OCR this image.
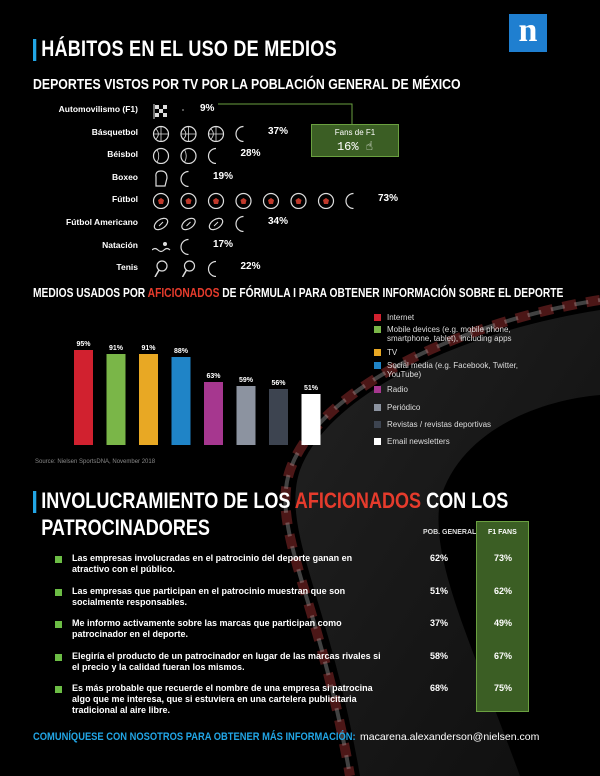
n
HÁBITOS EN EL USO DE MEDIOS
DEPORTES VISTOS POR TV POR LA POBLACIÓN GENERAL DE MÉXICO
Automovilismo (F1)	9%
Básquetbol	37%
Béisbol	28%
Boxeo	19%
Fútbol	73%
Fútbol Americano	34%
Natación	17%
Tenis	22%
Fans de F1
16% ☝
MEDIOS USADOS POR AFICIONADOS DE FÓRMULA I PARA OBTENER INFORMACIÓN SOBRE EL DEPORTE
95%
91%	91%	88%
63%
59%	56%
51%
Internet
Mobile devices (e.g. mobile phone, smartphone, tablet), including apps
TV
Social media (e.g. Facebook, Twitter, YouTube)
Radio
Periódico
Revistas / revistas deportivas
Email newsletters
Source: Nielsen SportsDNA, November 2018
INVOLUCRAMIENTO DE LOS AFICIONADOS CON LOS
PATROCINADORES	POB. GENERAL F1 FANS
Las empresas involucradas en el patrocinio del deporte ganan en atractivo con el público.
62%	73%
Las empresas que participan en el patrocinio muestran que son socialmente responsables.
51%	62%
Me informo activamente sobre las marcas que participan como patrocinador en el deporte.
37%	49%
Elegiría el producto de un patrocinador en lugar de las marcas rivales si el precio y la calidad fueran los mismos.
58%	67%
Es más probable que recuerde el nombre de una empresa si patrocina algo que me interesa, que si estuviera en una cartelera publicitaria tradicional al aire libre.
68%	75%
COMUNÍQUESE CON NOSOTROS PARA OBTENER MÁS INFORMACIÓN: macarena.alexanderson@nielsen.com
